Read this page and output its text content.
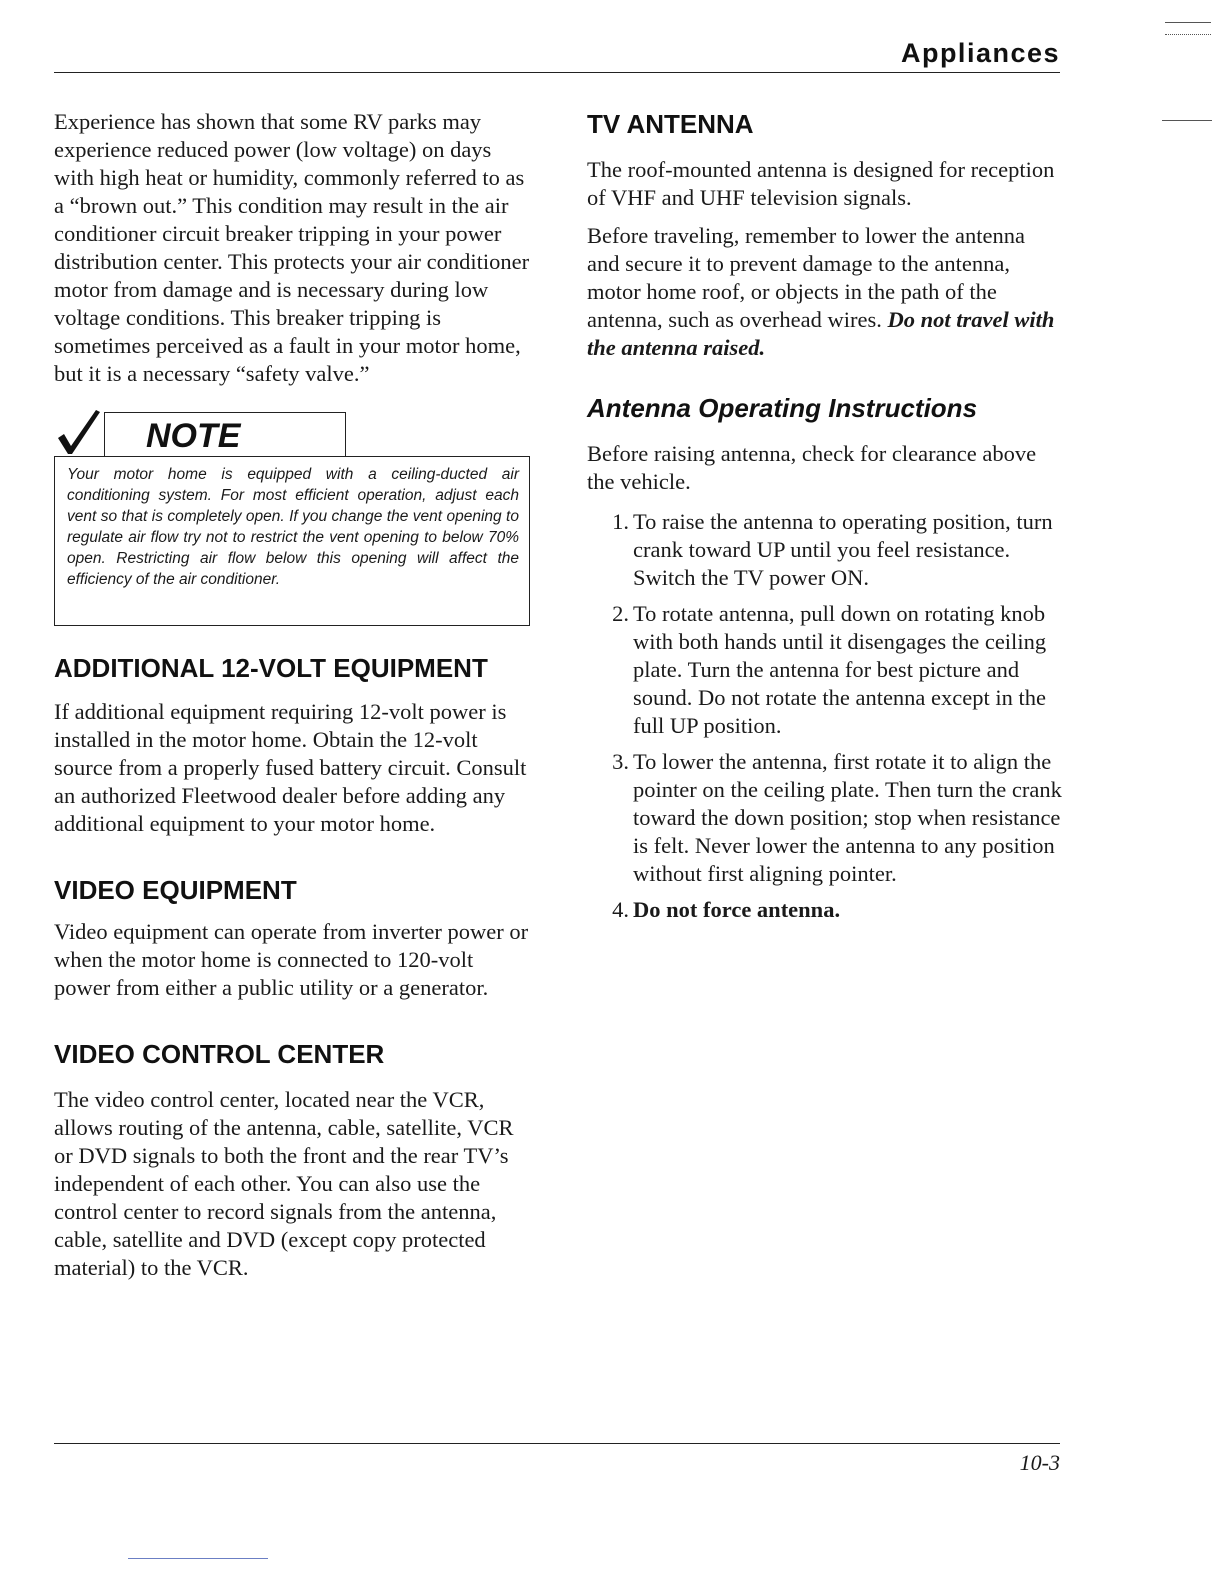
Appliances

Experience has shown that some RV parks may experience reduced power (low voltage) on days with high heat or humidity, commonly referred to as a “brown out.” This condition may result in the air conditioner circuit breaker tripping in your power distribution center. This protects your air conditioner motor from damage and is necessary during low voltage conditions. This breaker tripping is sometimes perceived as a fault in your motor home, but it is a necessary “safety valve.”

NOTE

Your motor home is equipped with a ceiling-ducted air conditioning system. For most efficient operation, adjust each vent so that is completely open. If you change the vent opening to regulate air flow try not to restrict the vent opening to below 70% open. Restricting air flow below this opening will affect the efficiency of the air conditioner.

ADDITIONAL 12-VOLT EQUIPMENT

If additional equipment requiring 12-volt power is installed in the motor home. Obtain the 12-volt source from a properly fused battery circuit. Consult an authorized Fleetwood dealer before adding any additional equipment to your motor home.

VIDEO EQUIPMENT

Video equipment can operate from inverter power or when the motor home is connected to 120-volt power from either a public utility or a generator.

VIDEO CONTROL CENTER

The video control center, located near the VCR, allows routing of the antenna, cable, satellite, VCR or DVD signals to both the front and the rear TV’s independent of each other. You can also use the control center to record signals from the antenna, cable, satellite and DVD (except copy protected material) to the VCR.

TV ANTENNA

The roof-mounted antenna is designed for reception of VHF and UHF television signals.

Before traveling, remember to lower the antenna and secure it to prevent damage to the antenna, motor home roof, or objects in the path of the antenna, such as overhead wires. Do not travel with the antenna raised.

Antenna Operating Instructions

Before raising antenna, check for clearance above the vehicle.

1. To raise the antenna to operating position, turn crank toward UP until you feel resistance. Switch the TV power ON.
2. To rotate antenna, pull down on rotating knob with both hands until it disengages the ceiling plate. Turn the antenna for best picture and sound. Do not rotate the antenna except in the full UP position.
3. To lower the antenna, first rotate it to align the pointer on the ceiling plate. Then turn the crank toward the down position; stop when resistance is felt. Never lower the antenna to any position without first aligning pointer.
4. Do not force antenna.
10-3
